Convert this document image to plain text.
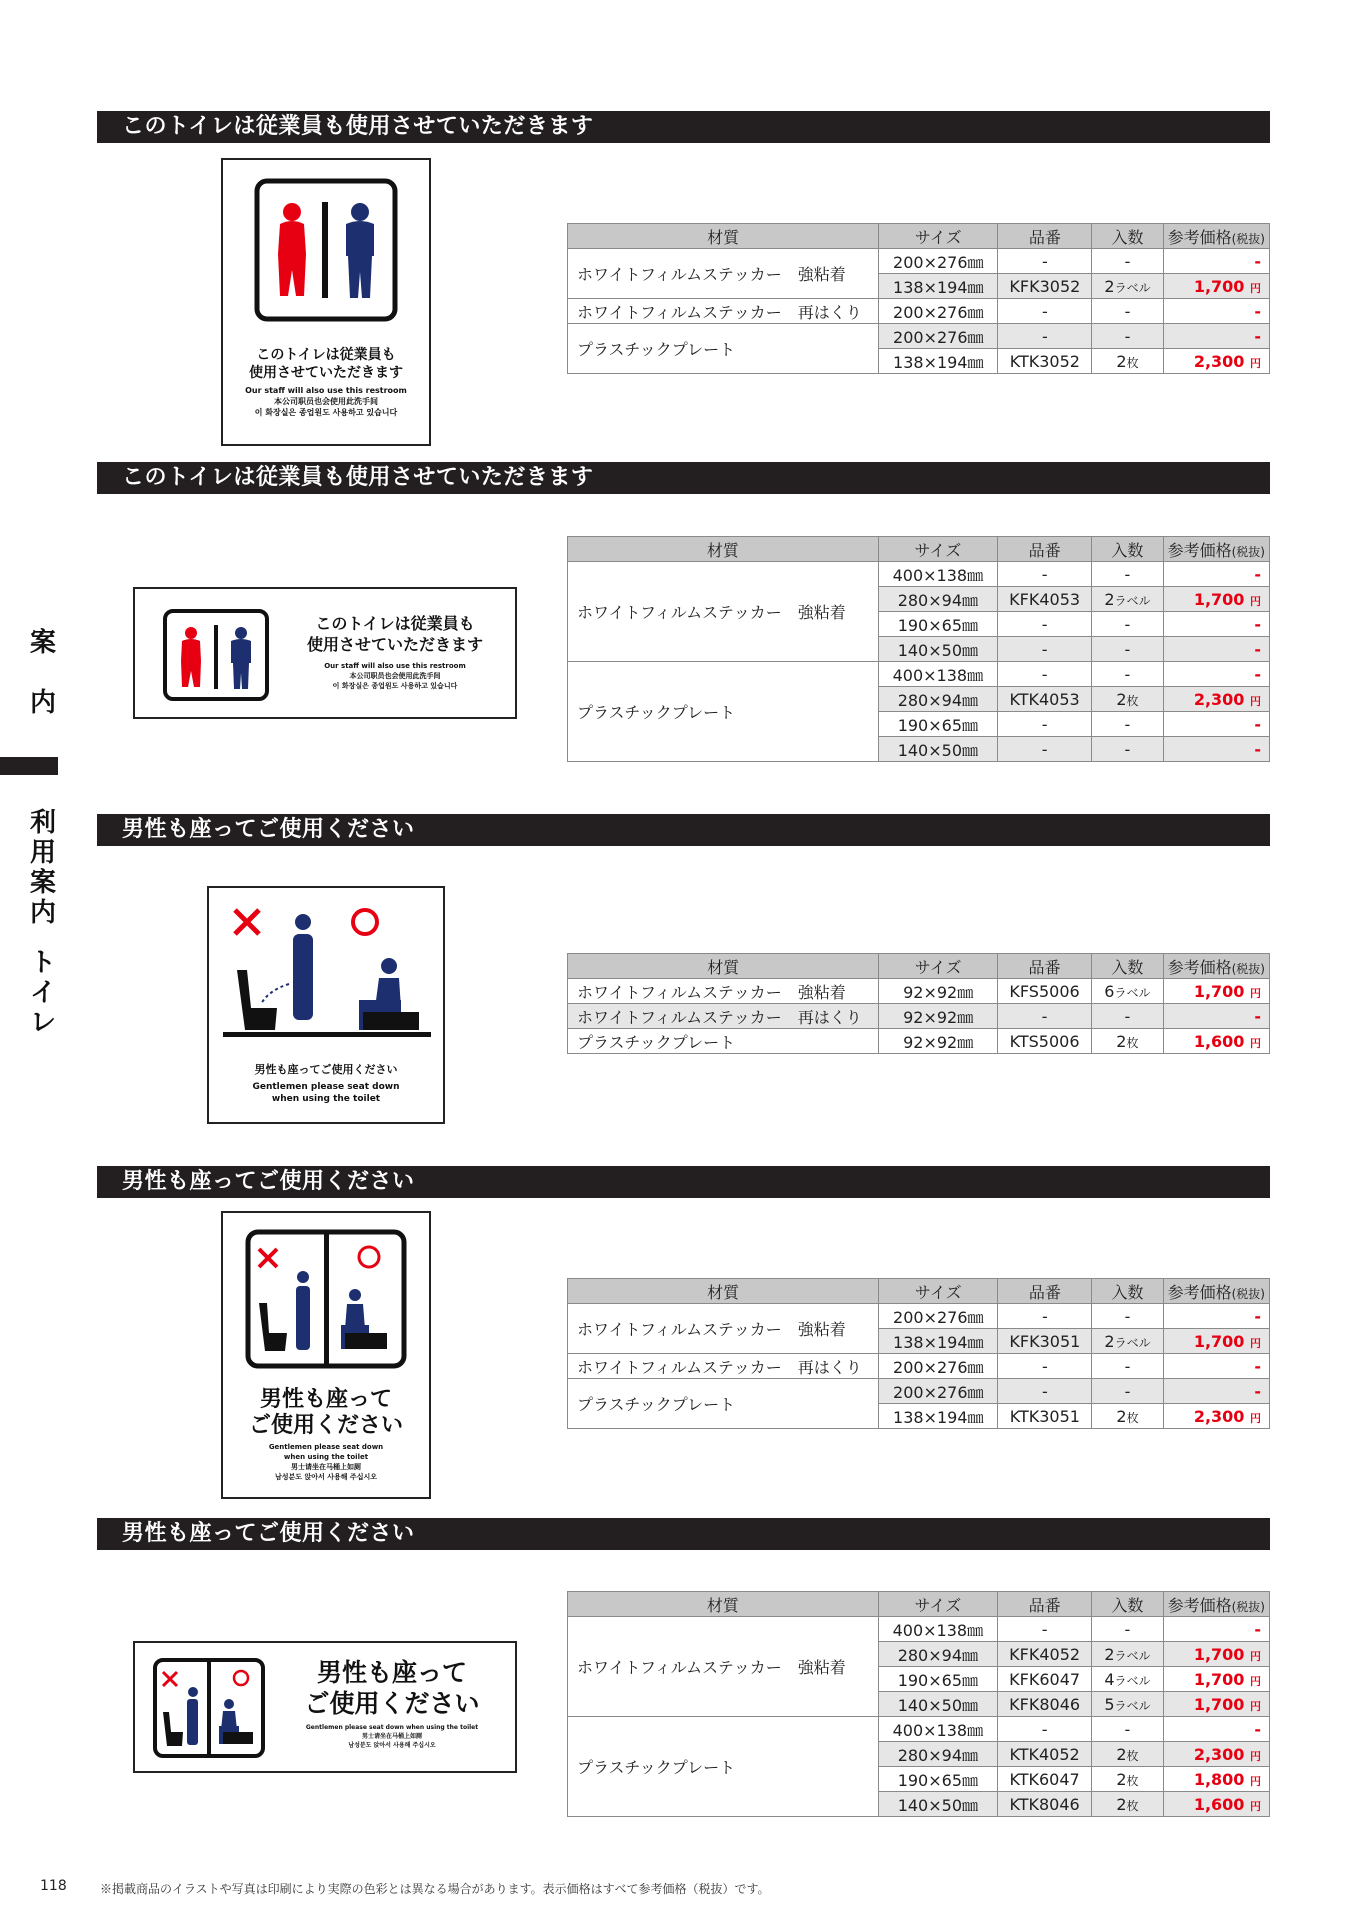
案
内
利
用
案
内
ト
イ
レ
このトイレは従業員も使用させていただきます
このトイレは従業員も
使用させていただきます
Our staff will also use this restroom
本公司职员也会使用此洗手间
이 화장실은 종업원도 사용하고 있습니다
材質	サイズ	品番	入数	参考価格(税抜)
ホワイトフィルムステッカー　強粘着	200×276㎜	-	-	-
	138×194㎜	KFK3052	2ラベル	1,700 円
ホワイトフィルムステッカー　再はくり	200×276㎜	-	-	-
プラスチックプレート	200×276㎜	-	-	-
	138×194㎜	KTK3052	2枚	2,300 円
このトイレは従業員も使用させていただきます
このトイレは従業員も
使用させていただきます
Our staff will also use this restroom
本公司职员也会使用此洗手间
이 화장실은 종업원도 사용하고 있습니다
材質	サイズ	品番	入数	参考価格(税抜)
ホワイトフィルムステッカー　強粘着	400×138㎜	-	-	-
	280×94㎜	KFK4053	2ラベル	1,700 円
	190×65㎜	-	-	-
	140×50㎜	-	-	-
プラスチックプレート	400×138㎜	-	-	-
	280×94㎜	KTK4053	2枚	2,300 円
	190×65㎜	-	-	-
	140×50㎜	-	-	-
男性も座ってご使用ください
男性も座ってご使用ください
Gentlemen please seat down
when using the toilet
材質	サイズ	品番	入数	参考価格(税抜)
ホワイトフィルムステッカー　強粘着	92×92㎜	KFS5006	6ラベル	1,700 円
ホワイトフィルムステッカー　再はくり	92×92㎜	-	-	-
プラスチックプレート	92×92㎜	KTS5006	2枚	1,600 円
男性も座ってご使用ください
男性も座って
ご使用ください
Gentlemen please seat down
when using the toilet
男士请坐在马桶上如厕
남성분도 앉아서 사용해 주십시오
材質	サイズ	品番	入数	参考価格(税抜)
ホワイトフィルムステッカー　強粘着	200×276㎜	-	-	-
	138×194㎜	KFK3051	2ラベル	1,700 円
ホワイトフィルムステッカー　再はくり	200×276㎜	-	-	-
プラスチックプレート	200×276㎜	-	-	-
	138×194㎜	KTK3051	2枚	2,300 円
男性も座ってご使用ください
男性も座って
ご使用ください
Gentlemen please seat down when using the toilet
男士请坐在马桶上如厕
남성분도 앉아서 사용해 주십시오
材質	サイズ	品番	入数	参考価格(税抜)
ホワイトフィルムステッカー　強粘着	400×138㎜	-	-	-
	280×94㎜	KFK4052	2ラベル	1,700 円
	190×65㎜	KFK6047	4ラベル	1,700 円
	140×50㎜	KFK8046	5ラベル	1,700 円
プラスチックプレート	400×138㎜	-	-	-
	280×94㎜	KTK4052	2枚	2,300 円
	190×65㎜	KTK6047	2枚	1,800 円
	140×50㎜	KTK8046	2枚	1,600 円
118	※掲載商品のイラストや写真は印刷により実際の色彩とは異なる場合があります。表示価格はすべて参考価格（税抜）です。
